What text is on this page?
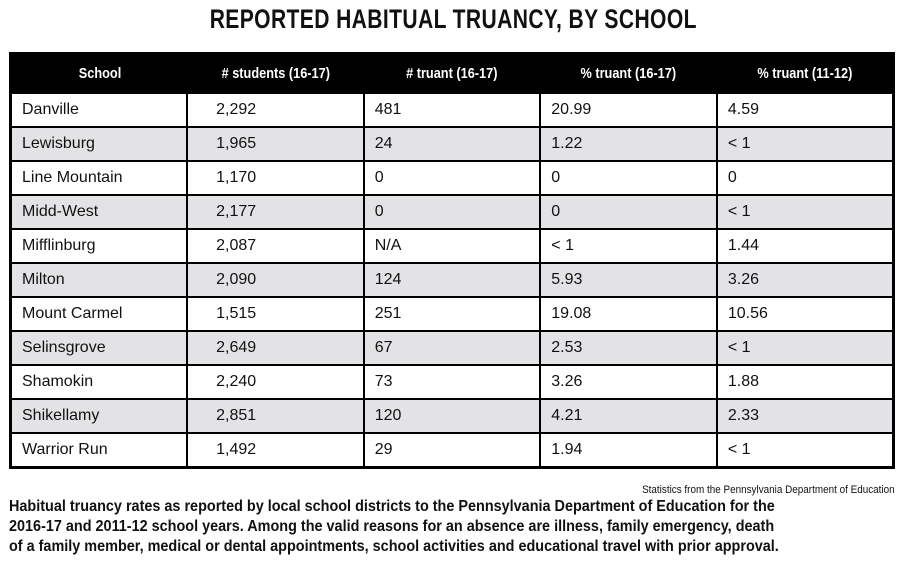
REPORTED HABITUAL TRUANCY, BY SCHOOL
School	# students (16-17)	# truant (16-17)	% truant (16-17)	% truant (11-12)
Danville	2,292	481	20.99	4.59
Lewisburg	1,965	24	1.22	< 1
Line Mountain	1,170	0	0	0
Midd-West	2,177	0	0	< 1
Mifflinburg	2,087	N/A	< 1	1.44
Milton	2,090	124	5.93	3.26
Mount Carmel	1,515	251	19.08	10.56
Selinsgrove	2,649	67	2.53	< 1
Shamokin	2,240	73	3.26	1.88
Shikellamy	2,851	120	4.21	2.33
Warrior Run	1,492	29	1.94	< 1
Statistics from the Pennsylvania Department of Education
Habitual truancy rates as reported by local school districts to the Pennsylvania Department of Education for the
2016-17 and 2011-12 school years. Among the valid reasons for an absence are illness, family emergency, death
of a family member, medical or dental appointments, school activities and educational travel with prior approval.
